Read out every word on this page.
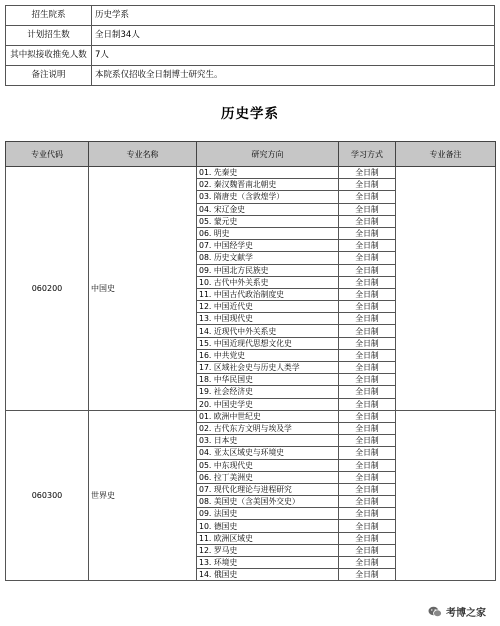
招生院系	历史学系
计划招生数	全日制34人
其中拟接收推免人数	7人
备注说明	本院系仅招收全日制博士研究生。
历史学系
专业代码	专业名称	研究方向	学习方式	专业备注
060200	中国史	01. 先秦史	全日制	
		02. 秦汉魏晋南北朝史	全日制	
		03. 隋唐史（含敦煌学）	全日制	
		04. 宋辽金史	全日制	
		05. 蒙元史	全日制	
		06. 明史	全日制	
		07. 中国经学史	全日制	
		08. 历史文献学	全日制	
		09. 中国北方民族史	全日制	
		10. 古代中外关系史	全日制	
		11. 中国古代政治制度史	全日制	
		12. 中国近代史	全日制	
		13. 中国现代史	全日制	
		14. 近现代中外关系史	全日制	
		15. 中国近现代思想文化史	全日制	
		16. 中共党史	全日制	
		17. 区域社会史与历史人类学	全日制	
		18. 中华民国史	全日制	
		19. 社会经济史	全日制	
		20. 中国史学史	全日制	
060300	世界史	01. 欧洲中世纪史	全日制	
		02. 古代东方文明与埃及学	全日制	
		03. 日本史	全日制	
		04. 亚太区域史与环境史	全日制	
		05. 中东现代史	全日制	
		06. 拉丁美洲史	全日制	
		07. 现代化理论与进程研究	全日制	
		08. 美国史（含美国外交史）	全日制	
		09. 法国史	全日制	
		10. 德国史	全日制	
		11. 欧洲区域史	全日制	
		12. 罗马史	全日制	
		13. 环境史	全日制	
		14. 俄国史	全日制	
考博之家
